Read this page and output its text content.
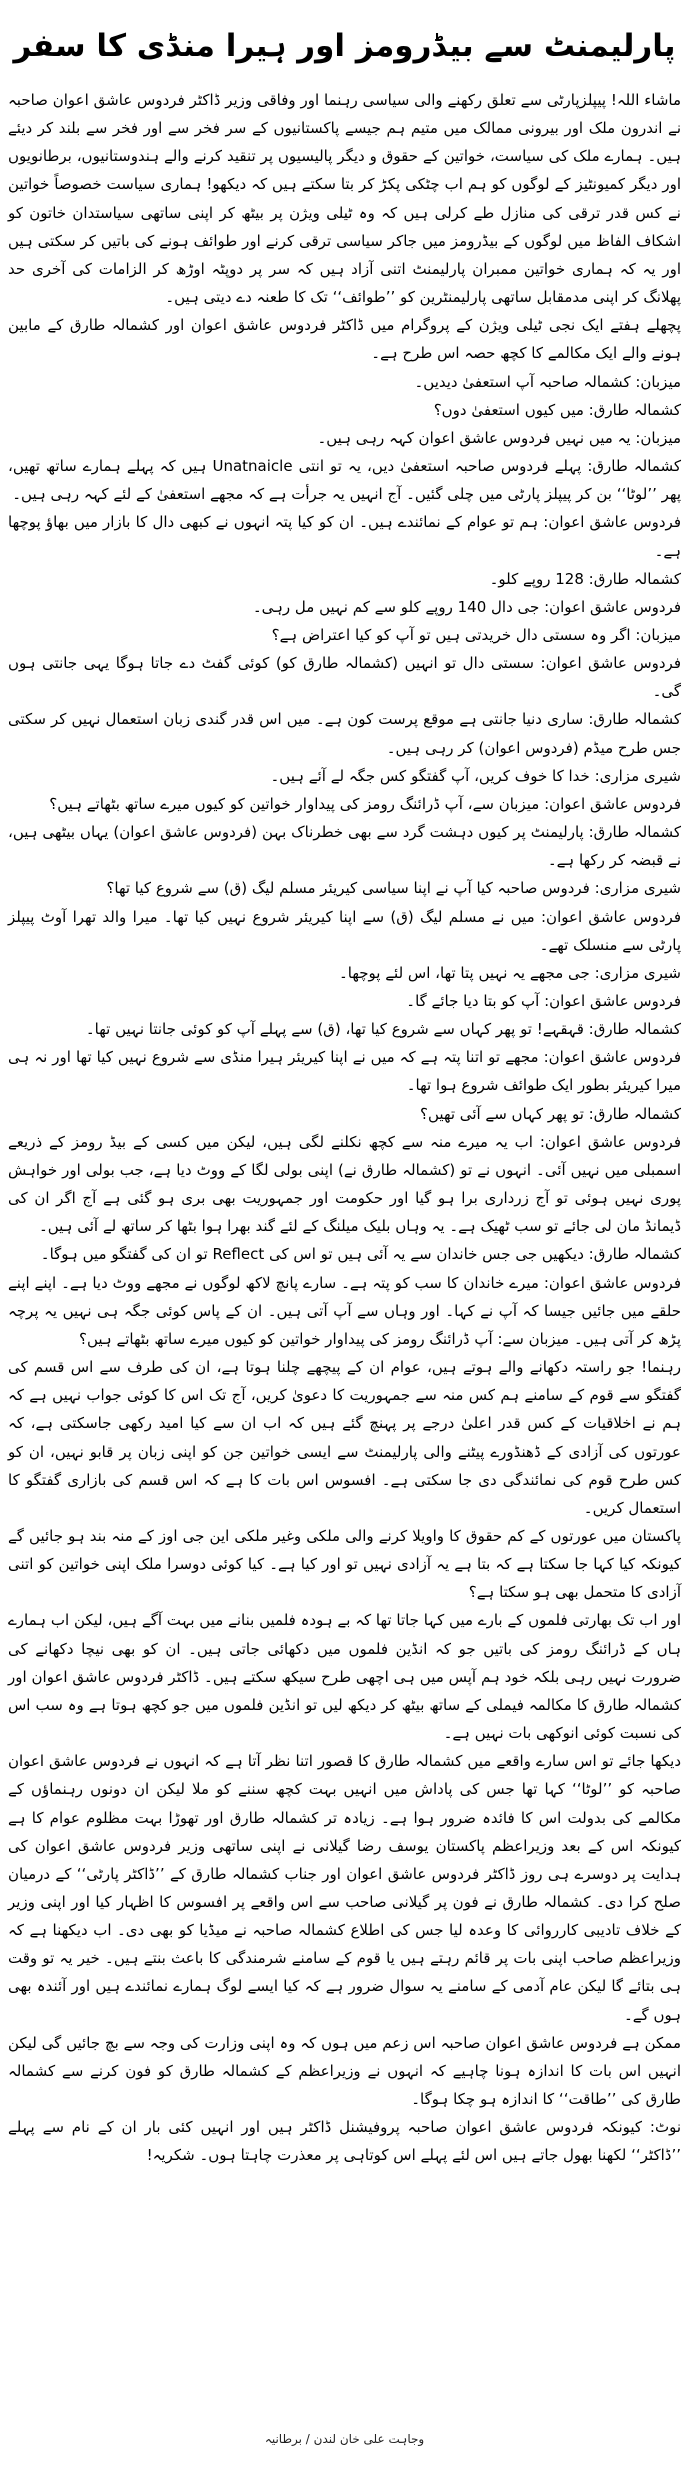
پارلیمنٹ سے بیڈرومز اور ہیرا منڈی کا سفر

ماشاء اللہ! پیپلزپارٹی سے تعلق رکھنے والی سیاسی رہنما اور وفاقی وزیر ڈاکٹر فردوس عاشق اعوان صاحبہ نے اندرون ملک اور بیرونی ممالک میں متیم ہم جیسے پاکستانیوں کے سر فخر سے اور فخر سے بلند کر دیئے ہیں۔ ہمارے ملک کی سیاست، خواتین کے حقوق و دیگر پالیسیوں پر تنقید کرنے والے ہندوستانیوں، برطانویوں اور دیگر کمیونٹیز کے لوگوں کو ہم اب چٹکی پکڑ کر بتا سکتے ہیں کہ دیکھو! ہماری سیاست خصوصاً خواتین نے کس قدر ترقی کی منازل طے کرلی ہیں کہ وہ ٹیلی ویژن پر بیٹھ کر اپنی ساتھی سیاستدان خاتون کو اشکاف الفاظ میں لوگوں کے بیڈرومز میں جاکر سیاسی ترقی کرنے اور طوائف ہونے کی باتیں کر سکتی ہیں اور یہ کہ ہماری خواتین ممبران پارلیمنٹ اتنی آزاد ہیں کہ سر پر دوپٹہ اوڑھ کر الزامات کی آخری حد پھلانگ کر اپنی مدمقابل ساتھی پارلیمنٹرین کو ’’طوائف‘‘ تک کا طعنہ دے دیتی ہیں۔

پچھلے ہفتے ایک نجی ٹیلی ویژن کے پروگرام میں ڈاکٹر فردوس عاشق اعوان اور کشمالہ طارق کے مابین ہونے والے ایک مکالمے کا کچھ حصہ اس طرح ہے۔

میزبان: کشمالہ صاحبہ آپ استعفیٰ دیدیں۔

کشمالہ طارق: میں کیوں استعفیٰ دوں؟

میزبان: یہ میں نہیں فردوس عاشق اعوان کہہ رہی ہیں۔

کشمالہ طارق: پہلے فردوس صاحبہ استعفیٰ دیں، یہ تو انتی Unatnaicle ہیں کہ پہلے ہمارے ساتھ تھیں، پھر ’’لوٹا‘‘ بن کر پیپلز پارٹی میں چلی گئیں۔ آج انہیں یہ جرأت ہے کہ مجھے استعفیٰ کے لئے کہہ رہی ہیں۔

فردوس عاشق اعوان: ہم تو عوام کے نمائندے ہیں۔ ان کو کیا پتہ انہوں نے کبھی دال کا بازار میں بھاؤ پوچھا ہے۔

کشمالہ طارق: 128 روپے کلو۔

فردوس عاشق اعوان: جی دال 140 روپے کلو سے کم نہیں مل رہی۔

میزبان: اگر وہ سستی دال خریدتی ہیں تو آپ کو کیا اعتراض ہے؟

فردوس عاشق اعوان: سستی دال تو انہیں (کشمالہ طارق کو) کوئی گفٹ دے جاتا ہوگا یہی جانتی ہوں گی۔

کشمالہ طارق: ساری دنیا جانتی ہے موقع پرست کون ہے۔ میں اس قدر گندی زبان استعمال نہیں کر سکتی جس طرح میڈم (فردوس اعوان) کر رہی ہیں۔

شیری مزاری: خدا کا خوف کریں، آپ گفتگو کس جگہ لے آئے ہیں۔

فردوس عاشق اعوان: میزبان سے، آپ ڈرائنگ رومز کی پیداوار خواتین کو کیوں میرے ساتھ بٹھاتے ہیں؟

کشمالہ طارق: پارلیمنٹ پر کیوں دہشت گرد سے بھی خطرناک بہن (فردوس عاشق اعوان) یہاں بیٹھی ہیں، نے قبضہ کر رکھا ہے۔

شیری مزاری: فردوس صاحبہ کیا آپ نے اپنا سیاسی کیریئر مسلم لیگ (ق) سے شروع کیا تھا؟

فردوس عاشق اعوان: میں نے مسلم لیگ (ق) سے اپنا کیریئر شروع نہیں کیا تھا۔ میرا والد تھرا آوٹ پیپلز پارٹی سے منسلک تھے۔

شیری مزاری: جی مجھے یہ نہیں پتا تھا، اس لئے پوچھا۔

فردوس عاشق اعوان: آپ کو بتا دیا جائے گا۔

کشمالہ طارق: قہقہے! تو پھر کہاں سے شروع کیا تھا، (ق) سے پہلے آپ کو کوئی جانتا نہیں تھا۔

فردوس عاشق اعوان: مجھے تو اتنا پتہ ہے کہ میں نے اپنا کیریئر ہیرا منڈی سے شروع نہیں کیا تھا اور نہ ہی میرا کیریئر بطور ایک طوائف شروع ہوا تھا۔

کشمالہ طارق: تو پھر کہاں سے آئی تھیں؟

فردوس عاشق اعوان: اب یہ میرے منہ سے کچھ نکلنے لگی ہیں، لیکن میں کسی کے بیڈ رومز کے ذریعے اسمبلی میں نہیں آئی۔ انہوں نے تو (کشمالہ طارق نے) اپنی بولی لگا کے ووٹ دیا ہے، جب بولی اور خواہش پوری نہیں ہوئی تو آج زرداری برا ہو گیا اور حکومت اور جمہوریت بھی بری ہو گئی ہے آج اگر ان کی ڈیمانڈ مان لی جائے تو سب ٹھیک ہے۔ یہ وہاں بلیک میلنگ کے لئے گند بھرا ہوا بٹھا کر ساتھ لے آئی ہیں۔

کشمالہ طارق: دیکھیں جی جس خاندان سے یہ آئی ہیں تو اس کی Reflect تو ان کی گفتگو میں ہوگا۔

فردوس عاشق اعوان: میرے خاندان کا سب کو پتہ ہے۔ سارے پانچ لاکھ لوگوں نے مجھے ووٹ دیا ہے۔ اپنے اپنے حلقے میں جائیں جیسا کہ آپ نے کہا۔ اور وہاں سے آپ آتی ہیں۔ ان کے پاس کوئی جگہ ہی نہیں یہ پرچہ پڑھ کر آتی ہیں۔ میزبان سے: آپ ڈرائنگ رومز کی پیداوار خواتین کو کیوں میرے ساتھ بٹھاتے ہیں؟

رہنما! جو راستہ دکھانے والے ہوتے ہیں، عوام ان کے پیچھے چلنا ہوتا ہے، ان کی طرف سے اس قسم کی گفتگو سے قوم کے سامنے ہم کس منہ سے جمہوریت کا دعویٰ کریں، آج تک اس کا کوئی جواب نہیں ہے کہ ہم نے اخلاقیات کے کس قدر اعلیٰ درجے پر پہنچ گئے ہیں کہ اب ان سے کیا امید رکھی جاسکتی ہے، کہ عورتوں کی آزادی کے ڈھنڈورے پیٹنے والی پارلیمنٹ سے ایسی خواتین جن کو اپنی زبان پر قابو نہیں، ان کو کس طرح قوم کی نمائندگی دی جا سکتی ہے۔ افسوس اس بات کا ہے کہ اس قسم کی بازاری گفتگو کا استعمال کریں۔

پاکستان میں عورتوں کے کم حقوق کا واویلا کرنے والی ملکی وغیر ملکی این جی اوز کے منہ بند ہو جائیں گے کیونکہ کیا کہا جا سکتا ہے کہ بتا ہے یہ آزادی نہیں تو اور کیا ہے۔ کیا کوئی دوسرا ملک اپنی خواتین کو اتنی آزادی کا متحمل بھی ہو سکتا ہے؟

اور اب تک بھارتی فلموں کے بارے میں کہا جاتا تھا کہ بے ہودہ فلمیں بنانے میں بہت آگے ہیں، لیکن اب ہمارے ہاں کے ڈرائنگ رومز کی باتیں جو کہ انڈین فلموں میں دکھائی جاتی ہیں۔ ان کو بھی نیچا دکھانے کی ضرورت نہیں رہی بلکہ خود ہم آپس میں ہی اچھی طرح سیکھ سکتے ہیں۔ ڈاکٹر فردوس عاشق اعوان اور کشمالہ طارق کا مکالمہ فیملی کے ساتھ بیٹھ کر دیکھ لیں تو انڈین فلموں میں جو کچھ ہوتا ہے وہ سب اس کی نسبت کوئی انوکھی بات نہیں ہے۔

دیکھا جائے تو اس سارے واقعے میں کشمالہ طارق کا قصور اتنا نظر آتا ہے کہ انہوں نے فردوس عاشق اعوان صاحبہ کو ’’لوٹا‘‘ کہا تھا جس کی پاداش میں انہیں بہت کچھ سننے کو ملا لیکن ان دونوں رہنماؤں کے مکالمے کی بدولت اس کا فائدہ ضرور ہوا ہے۔ زیادہ تر کشمالہ طارق اور تھوڑا بہت مظلوم عوام کا ہے کیونکہ اس کے بعد وزیراعظم پاکستان یوسف رضا گیلانی نے اپنی ساتھی وزیر فردوس عاشق اعوان کی ہدایت پر دوسرے ہی روز ڈاکٹر فردوس عاشق اعوان اور جناب کشمالہ طارق کے ’’ڈاکٹر پارٹی‘‘ کے درمیان صلح کرا دی۔ کشمالہ طارق نے فون پر گیلانی صاحب سے اس واقعے پر افسوس کا اظہار کیا اور اپنی وزیر کے خلاف تادیبی کارروائی کا وعدہ لیا جس کی اطلاع کشمالہ صاحبہ نے میڈیا کو بھی دی۔ اب دیکھنا ہے کہ وزیراعظم صاحب اپنی بات پر قائم رہتے ہیں یا قوم کے سامنے شرمندگی کا باعث بنتے ہیں۔ خیر یہ تو وقت ہی بتائے گا لیکن عام آدمی کے سامنے یہ سوال ضرور ہے کہ کیا ایسے لوگ ہمارے نمائندے ہیں اور آئندہ بھی ہوں گے۔

ممکن ہے فردوس عاشق اعوان صاحبہ اس زعم میں ہوں کہ وہ اپنی وزارت کی وجہ سے بچ جائیں گی لیکن انہیں اس بات کا اندازہ ہونا چاہیے کہ انہوں نے وزیراعظم کے کشمالہ طارق کو فون کرنے سے کشمالہ طارق کی ’’طاقت‘‘ کا اندازہ ہو چکا ہوگا۔

نوٹ: کیونکہ فردوس عاشق اعوان صاحبہ پروفیشنل ڈاکٹر ہیں اور انہیں کئی بار ان کے نام سے پہلے ’’ڈاکٹر‘‘ لکھنا بھول جاتے ہیں اس لئے پہلے اس کوتاہی پر معذرت چاہتا ہوں۔ شکریہ!

وجاہت علی خان لندن / برطانیہ
